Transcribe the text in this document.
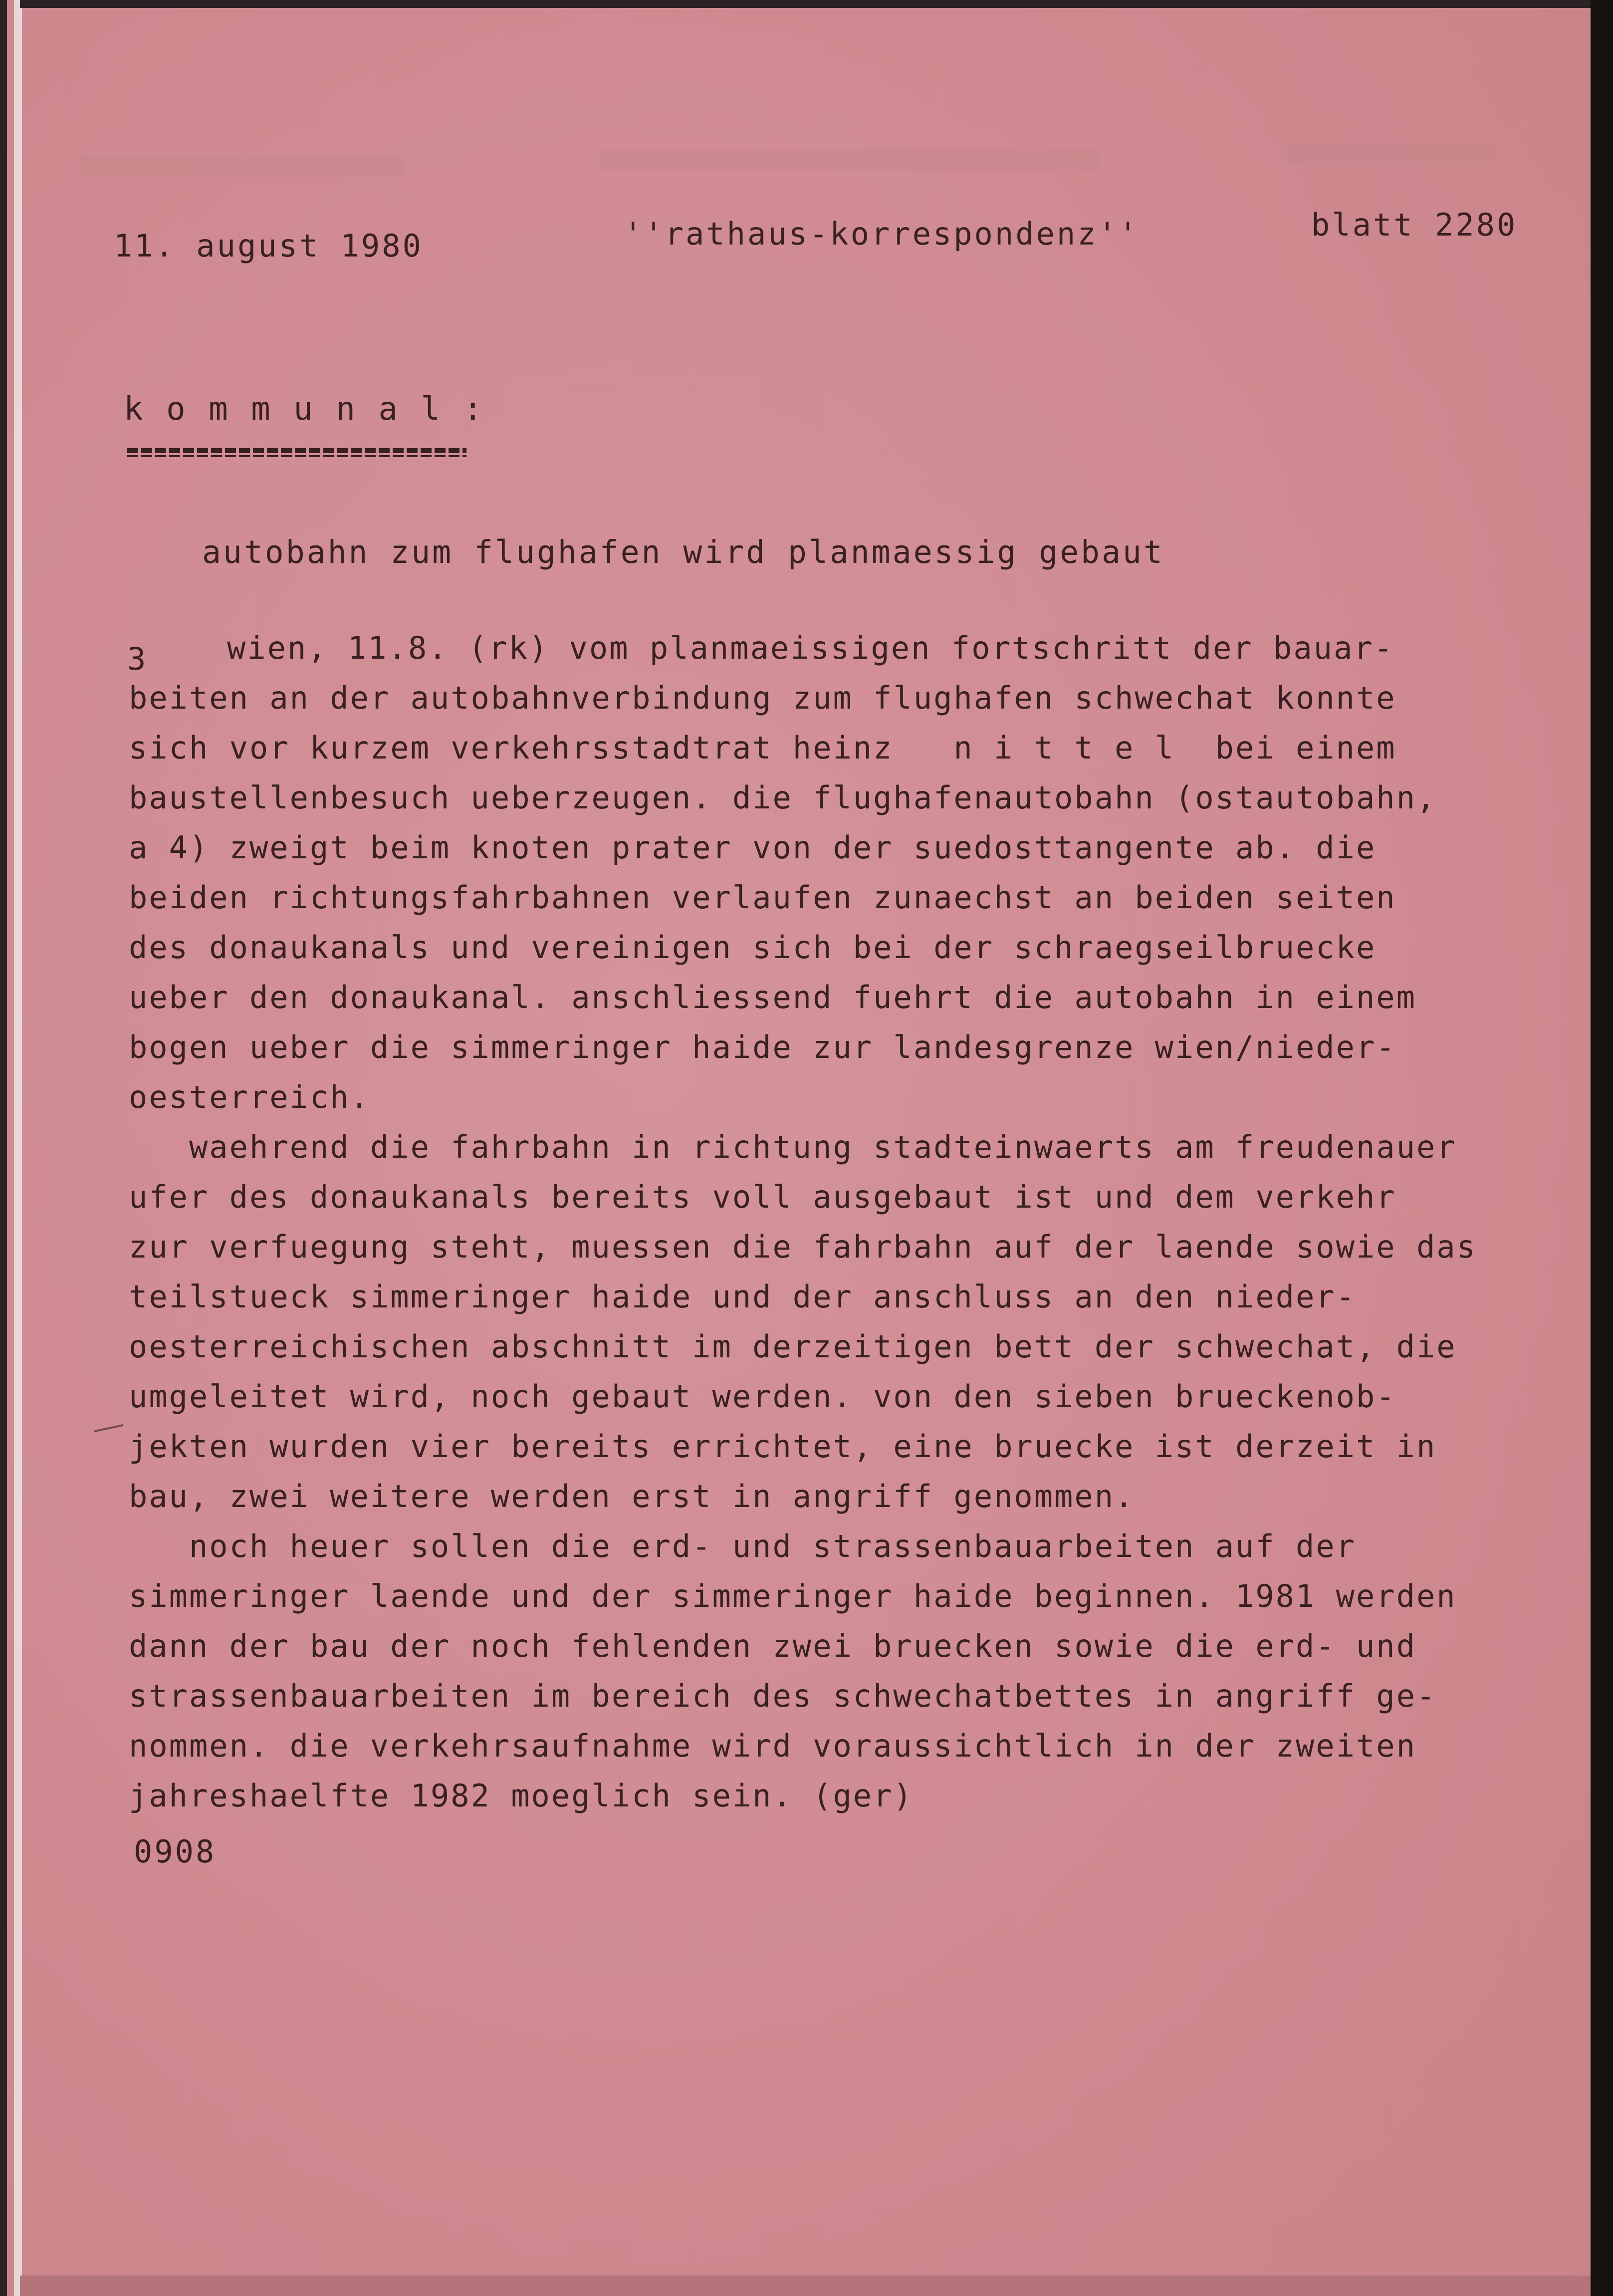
11. august 1980	''rathaus-korrespondenz''	blatt 2280
k o m m u n a l :
autobahn zum flughafen wird planmaessig gebaut
3	wien, 11.8. (rk) vom planmaeissigen fortschritt der bauar-
beiten an der autobahnverbindung zum flughafen schwechat konnte
sich vor kurzem verkehrsstadtrat heinz   n i t t e l  bei einem
baustellenbesuch ueberzeugen. die flughafenautobahn (ostautobahn,
a 4) zweigt beim knoten prater von der suedosttangente ab. die
beiden richtungsfahrbahnen verlaufen zunaechst an beiden seiten
des donaukanals und vereinigen sich bei der schraegseilbruecke
ueber den donaukanal. anschliessend fuehrt die autobahn in einem
bogen ueber die simmeringer haide zur landesgrenze wien/nieder-
oesterreich.
waehrend die fahrbahn in richtung stadteinwaerts am freudenauer
ufer des donaukanals bereits voll ausgebaut ist und dem verkehr
zur verfuegung steht, muessen die fahrbahn auf der laende sowie das
teilstueck simmeringer haide und der anschluss an den nieder-
oesterreichischen abschnitt im derzeitigen bett der schwechat, die
umgeleitet wird, noch gebaut werden. von den sieben brueckenob-
jekten wurden vier bereits errichtet, eine bruecke ist derzeit in
bau, zwei weitere werden erst in angriff genommen.
noch heuer sollen die erd- und strassenbauarbeiten auf der
simmeringer laende und der simmeringer haide beginnen. 1981 werden
dann der bau der noch fehlenden zwei bruecken sowie die erd- und
strassenbauarbeiten im bereich des schwechatbettes in angriff ge-
nommen. die verkehrsaufnahme wird voraussichtlich in der zweiten
jahreshaelfte 1982 moeglich sein. (ger)
0908
